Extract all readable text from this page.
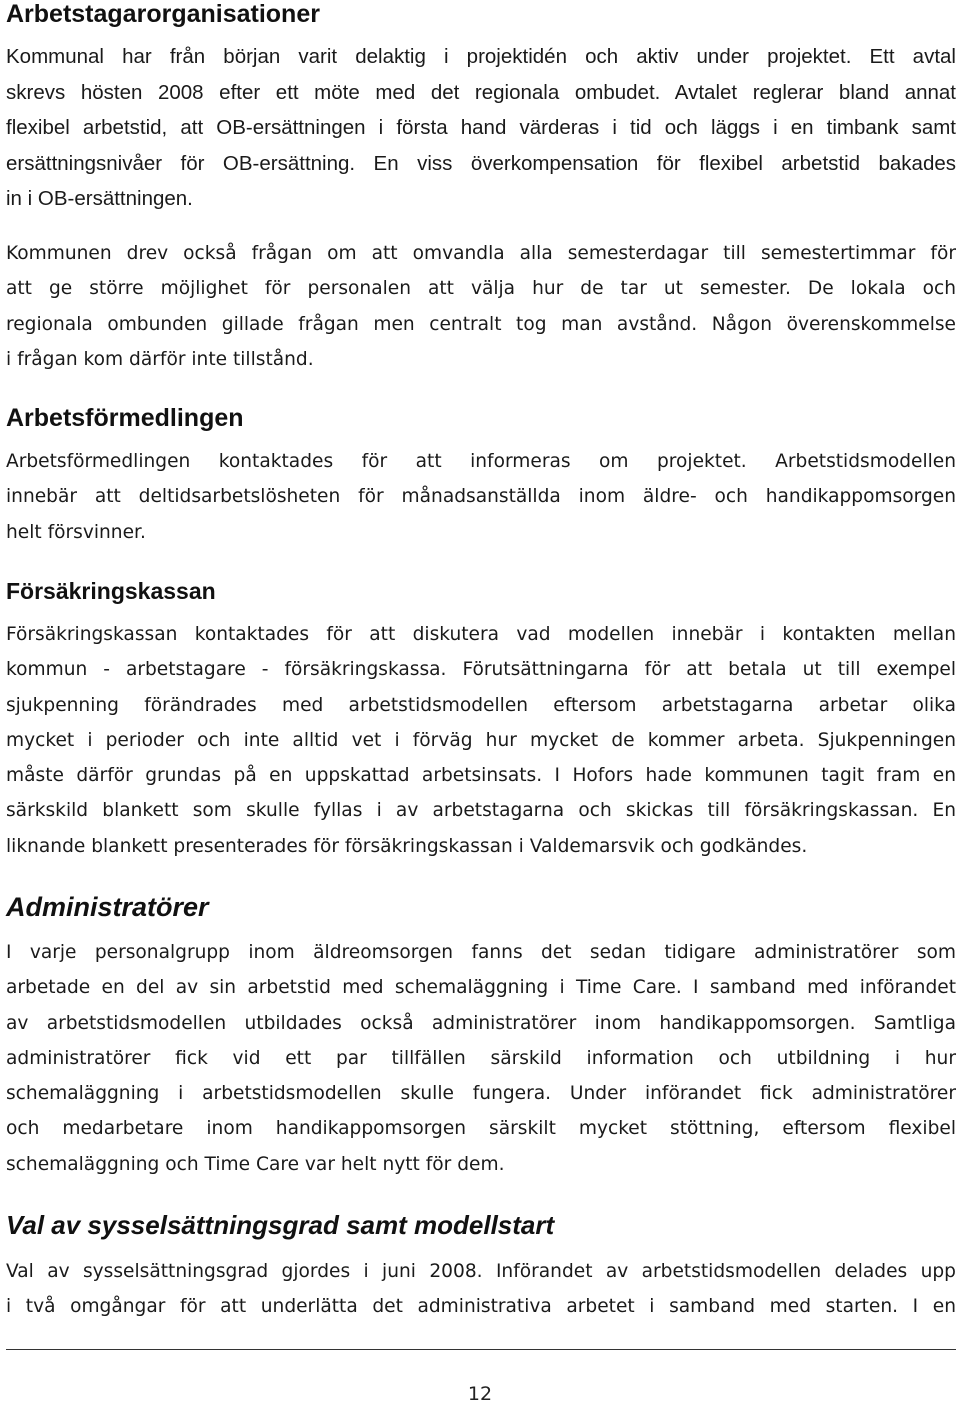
Arbetstagarorganisationer
Kommunal har från början varit delaktig i projektidén och aktiv under projektet. Ett avtal
skrevs hösten 2008 efter ett möte med det regionala ombudet. Avtalet reglerar bland annat
flexibel arbetstid, att OB-ersättningen i första hand värderas i tid och läggs i en timbank samt
ersättningsnivåer för OB-ersättning. En viss överkompensation för flexibel arbetstid bakades
in i OB-ersättningen.
Kommunen drev också frågan om att omvandla alla semesterdagar till semestertimmar för
att ge större möjlighet för personalen att välja hur de tar ut semester. De lokala och
regionala ombunden gillade frågan men centralt tog man avstånd. Någon överenskommelse
i frågan kom därför inte tillstånd.
Arbetsförmedlingen
Arbetsförmedlingen kontaktades för att informeras om projektet. Arbetstidsmodellen
innebär att deltidsarbetslösheten för månadsanställda inom äldre- och handikappomsorgen
helt försvinner.
Försäkringskassan
Försäkringskassan kontaktades för att diskutera vad modellen innebär i kontakten mellan
kommun - arbetstagare - försäkringskassa. Förutsättningarna för att betala ut till exempel
sjukpenning förändrades med arbetstidsmodellen eftersom arbetstagarna arbetar olika
mycket i perioder och inte alltid vet i förväg hur mycket de kommer arbeta. Sjukpenningen
måste därför grundas på en uppskattad arbetsinsats. I Hofors hade kommunen tagit fram en
särkskild blankett som skulle fyllas i av arbetstagarna och skickas till försäkringskassan. En
liknande blankett presenterades för försäkringskassan i Valdemarsvik och godkändes.
Administratörer
I varje personalgrupp inom äldreomsorgen fanns det sedan tidigare administratörer som
arbetade en del av sin arbetstid med schemaläggning i Time Care. I samband med införandet
av arbetstidsmodellen utbildades också administratörer inom handikappomsorgen. Samtliga
administratörer fick vid ett par tillfällen särskild information och utbildning i hur
schemaläggning i arbetstidsmodellen skulle fungera. Under införandet fick administratörer
och medarbetare inom handikappomsorgen särskilt mycket stöttning, eftersom flexibel
schemaläggning och Time Care var helt nytt för dem.
Val av sysselsättningsgrad samt modellstart
Val av sysselsättningsgrad gjordes i juni 2008. Införandet av arbetstidsmodellen delades upp
i två omgångar för att underlätta det administrativa arbetet i samband med starten. I en
12
